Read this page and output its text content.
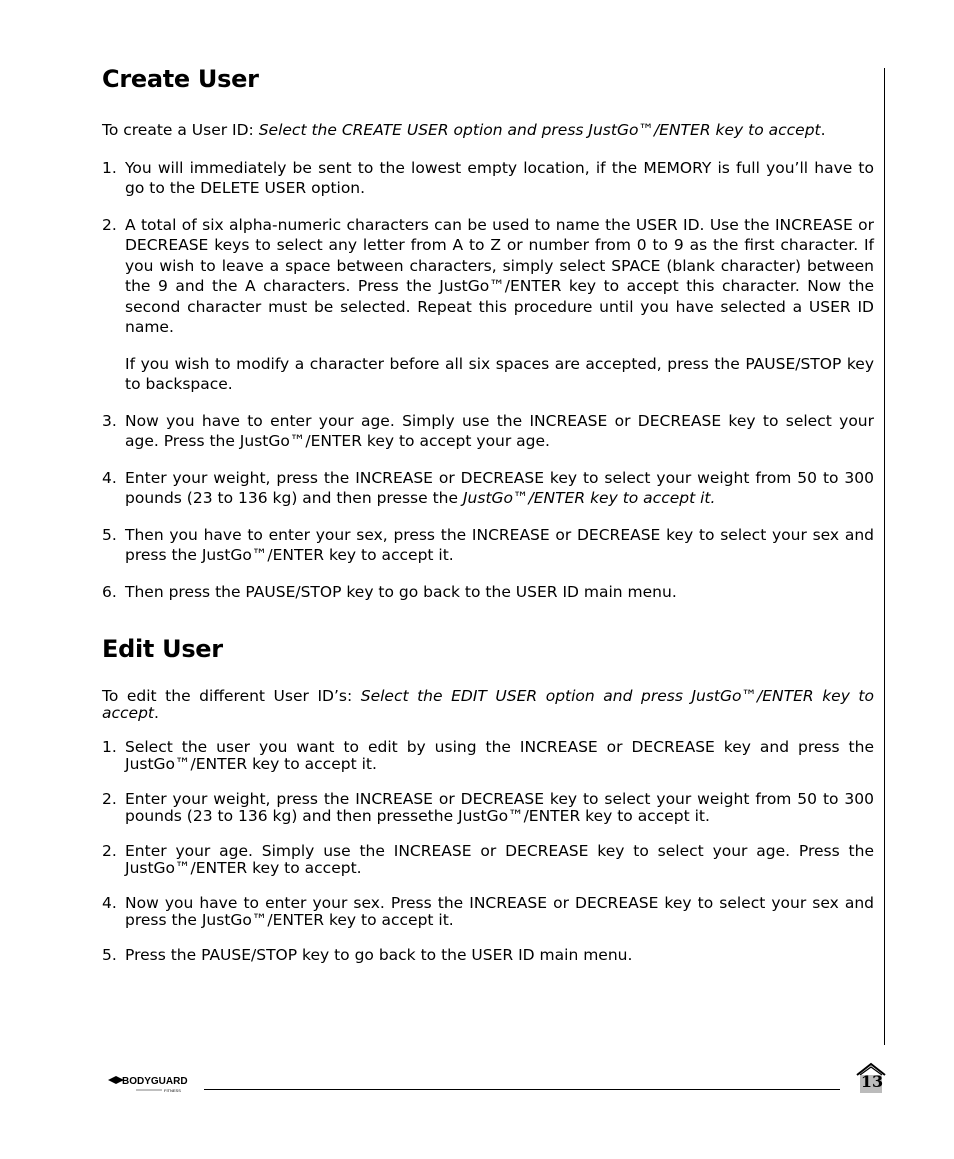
Create User

To create a User ID: Select the CREATE USER option and press JustGo™/ENTER key to accept.

1. You will immediately be sent to the lowest empty location, if the MEMORY is full you’ll have to go to the DELETE USER option.
2. A total of six alpha-numeric characters can be used to name the USER ID. Use the INCREASE or DECREASE keys to select any letter from A to Z or number from 0 to 9 as the first character. If you wish to leave a space between characters, simply select SPACE (blank character) between the 9 and the A characters. Press the JustGo™/ENTER key to accept this character. Now the second character must be selected. Repeat this procedure until you have selected a USER ID name.

If you wish to modify a character before all six spaces are accepted, press the PAUSE/STOP key to backspace.

3. Now you have to enter your age. Simply use the INCREASE or DECREASE key to select your age. Press the JustGo™/ENTER key to accept your age.
4. Enter your weight, press the INCREASE or DECREASE key to select your weight from 50 to 300 pounds (23 to 136 kg) and then presse the JustGo™/ENTER key to accept it.
5. Then you have to enter your sex, press the INCREASE or DECREASE key to select your sex and press the JustGo™/ENTER key to accept it.
6. Then press the PAUSE/STOP key to go back to the USER ID main menu.
Edit User

To edit the different User ID’s: Select the EDIT USER option and press JustGo™/ENTER key to accept.

1. Select the user you want to edit by using the INCREASE or DECREASE key and press the JustGo™/ENTER key to accept it.
2. Enter your weight, press the INCREASE or DECREASE key to select your weight from 50 to 300 pounds (23 to 136 kg) and then pressethe JustGo™/ENTER key to accept it.
2. Enter your age. Simply use the INCREASE or DECREASE key to select your age. Press the JustGo™/ENTER key to accept.
4. Now you have to enter your sex. Press the INCREASE or DECREASE key to select your sex and press the JustGo™/ENTER key to accept it.
5. Press the PAUSE/STOP key to go back to the USER ID main menu.
BODYGUARD
FITNESS	13
